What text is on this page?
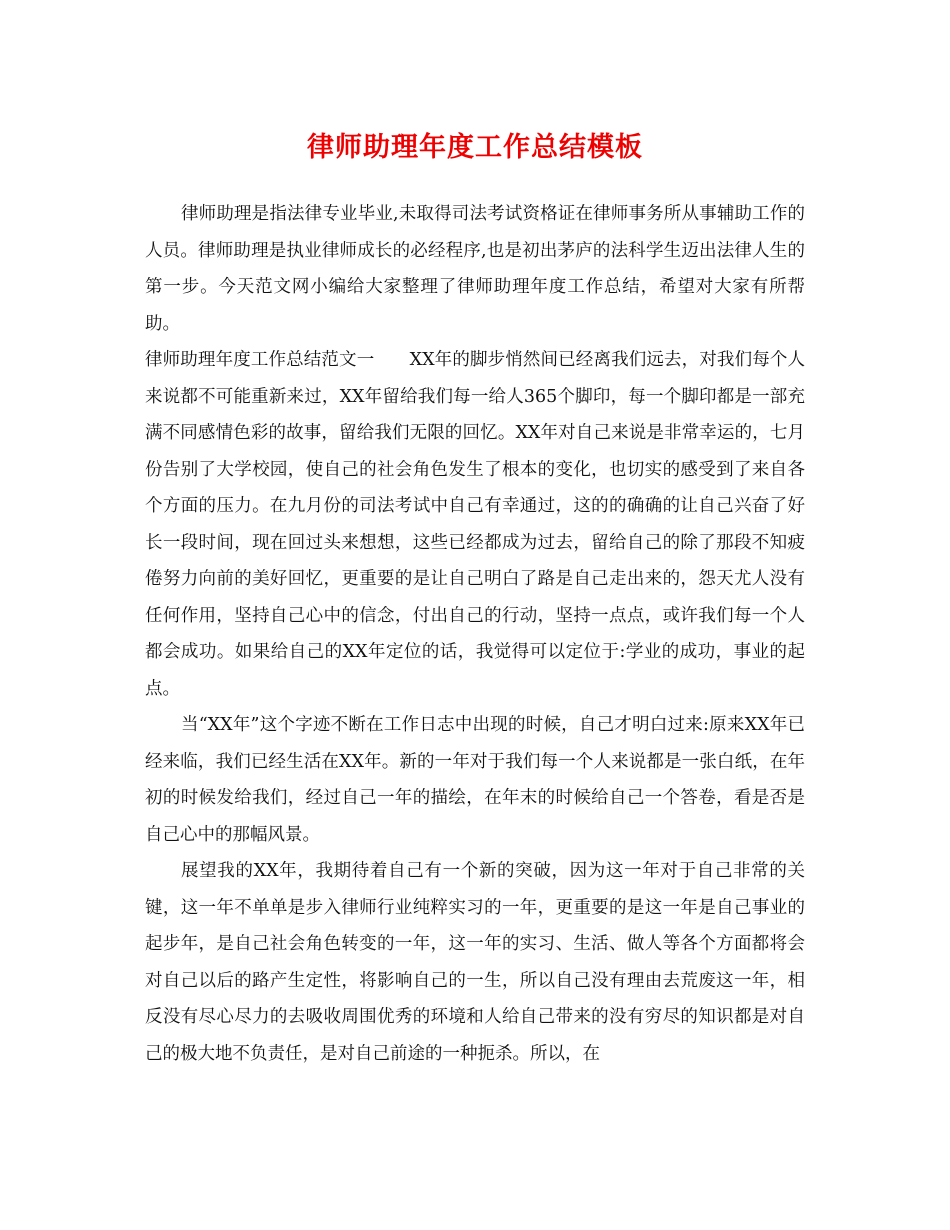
律师助理年度工作总结模板

律师助理是指法律专业毕业,未取得司法考试资格证在律师事务所从事辅助工作的人员。律师助理是执业律师成长的必经程序,也是初出茅庐的法科学生迈出法律人生的第一步。今天范文网小编给大家整理了律师助理年度工作总结，希望对大家有所帮助。

律师助理年度工作总结范文一　　XX年的脚步悄然间已经离我们远去，对我们每个人来说都不可能重新来过，XX年留给我们每一给人365个脚印，每一个脚印都是一部充满不同感情色彩的故事，留给我们无限的回忆。XX年对自己来说是非常幸运的，七月份告别了大学校园，使自己的社会角色发生了根本的变化，也切实的感受到了来自各个方面的压力。在九月份的司法考试中自己有幸通过，这的的确确的让自己兴奋了好长一段时间，现在回过头来想想，这些已经都成为过去，留给自己的除了那段不知疲倦努力向前的美好回忆，更重要的是让自己明白了路是自己走出来的，怨天尤人没有任何作用，坚持自己心中的信念，付出自己的行动，坚持一点点，或许我们每一个人都会成功。如果给自己的XX年定位的话，我觉得可以定位于:学业的成功，事业的起点。

当“XX年”这个字迹不断在工作日志中出现的时候，自己才明白过来:原来XX年已经来临，我们已经生活在XX年。新的一年对于我们每一个人来说都是一张白纸，在年初的时候发给我们，经过自己一年的描绘，在年末的时候给自己一个答卷，看是否是自己心中的那幅风景。

展望我的XX年，我期待着自己有一个新的突破，因为这一年对于自己非常的关键，这一年不单单是步入律师行业纯粹实习的一年，更重要的是这一年是自己事业的起步年，是自己社会角色转变的一年，这一年的实习、生活、做人等各个方面都将会对自己以后的路产生定性，将影响自己的一生，所以自己没有理由去荒废这一年，相反没有尽心尽力的去吸收周围优秀的环境和人给自己带来的没有穷尽的知识都是对自己的极大地不负责任，是对自己前途的一种扼杀。所以，在
